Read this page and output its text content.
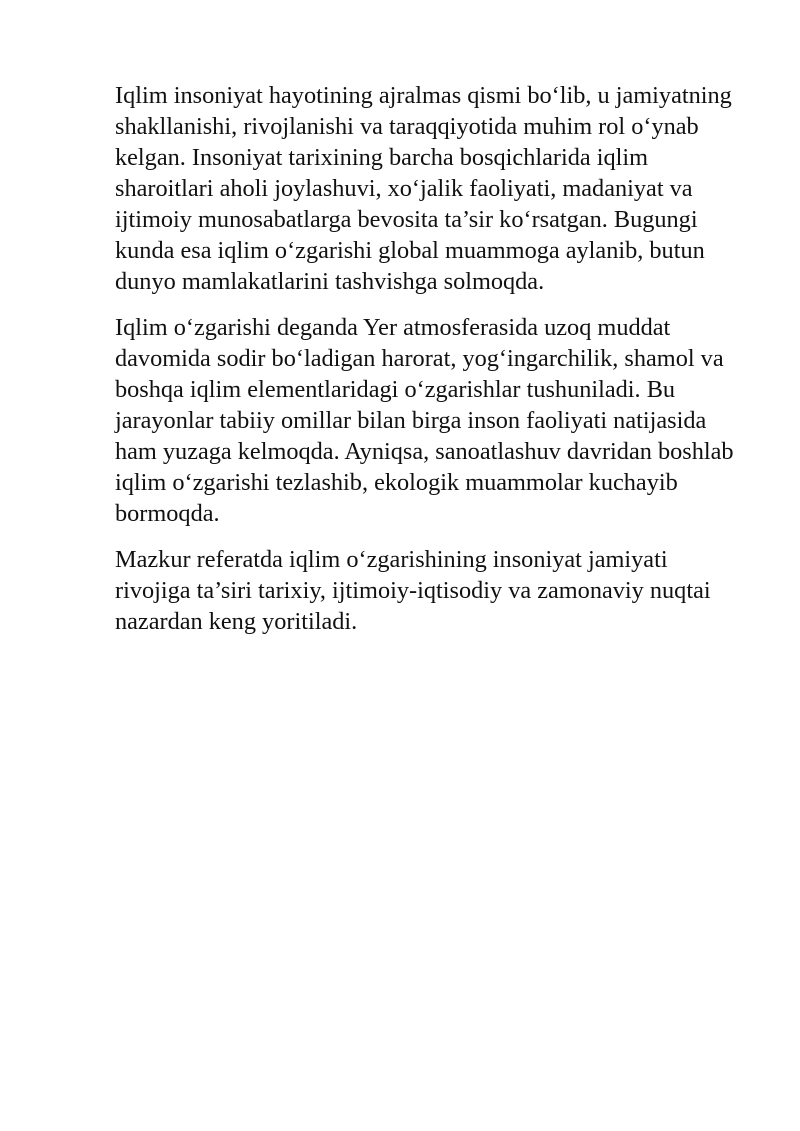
Iqlim insoniyat hayotining ajralmas qismi bo‘lib, u jamiyatning shakllanishi, rivojlanishi va taraqqiyotida muhim rol o‘ynab kelgan. Insoniyat tarixining barcha bosqichlarida iqlim sharoitlari aholi joylashuvi, xo‘jalik faoliyati, madaniyat va ijtimoiy munosabatlarga bevosita ta’sir ko‘rsatgan. Bugungi kunda esa iqlim o‘zgarishi global muammoga aylanib, butun dunyo mamlakatlarini tashvishga solmoqda.

Iqlim o‘zgarishi deganda Yer atmosferasida uzoq muddat davomida sodir bo‘ladigan harorat, yog‘ingarchilik, shamol va boshqa iqlim elementlaridagi o‘zgarishlar tushuniladi. Bu jarayonlar tabiiy omillar bilan birga inson faoliyati natijasida ham yuzaga kelmoqda. Ayniqsa, sanoatlashuv davridan boshlab iqlim o‘zgarishi tezlashib, ekologik muammolar kuchayib bormoqda.

Mazkur referatda iqlim o‘zgarishining insoniyat jamiyati rivojiga ta’siri tarixiy, ijtimoiy-iqtisodiy va zamonaviy nuqtai nazardan keng yoritiladi.
